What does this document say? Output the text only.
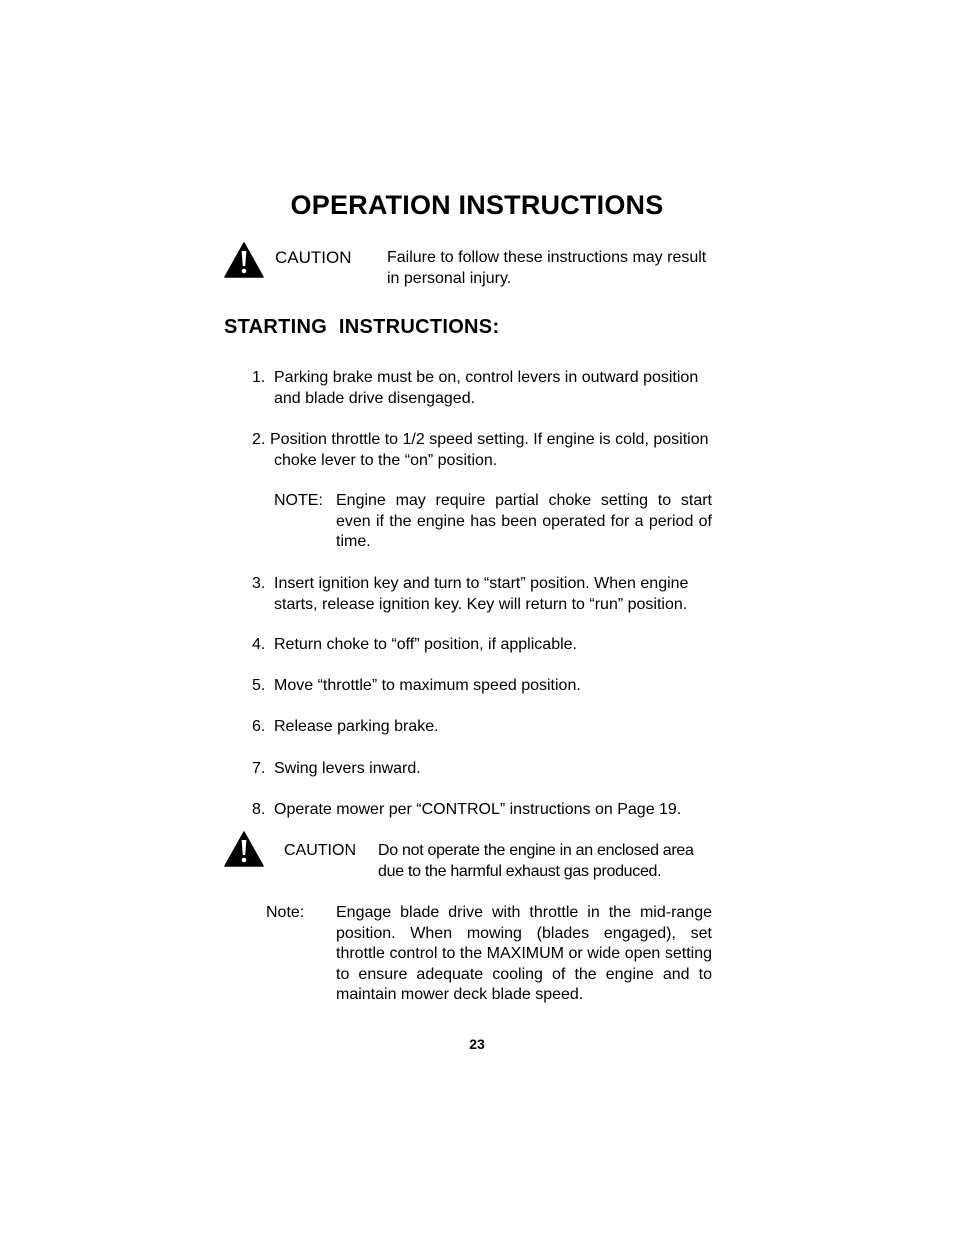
OPERATION INSTRUCTIONS
CAUTION Failure to follow these instructions may result in personal injury.
STARTING  INSTRUCTIONS:
1. Parking brake must be on, control levers in outward position and blade drive disengaged.
2. Position throttle to 1/2 speed setting. If engine is cold, position choke lever to the “on” position.
NOTE: Engine may require partial choke setting to start even if the engine has been operated for a period of time.
3. Insert ignition key and turn to “start” position. When engine starts, release ignition key. Key will return to “run” position.
4. Return choke to “off” position, if applicable.
5. Move “throttle” to maximum speed position.
6. Release parking brake.
7. Swing levers inward.
8. Operate mower per “CONTROL” instructions on Page 19.
CAUTION Do not operate the engine in an enclosed area due to the harmful exhaust gas produced.
Note: Engage blade drive with throttle in the mid-range position. When mowing (blades engaged), set throttle control to the MAXIMUM or wide open setting to ensure adequate cooling of the engine and to maintain mower deck blade speed.
23
